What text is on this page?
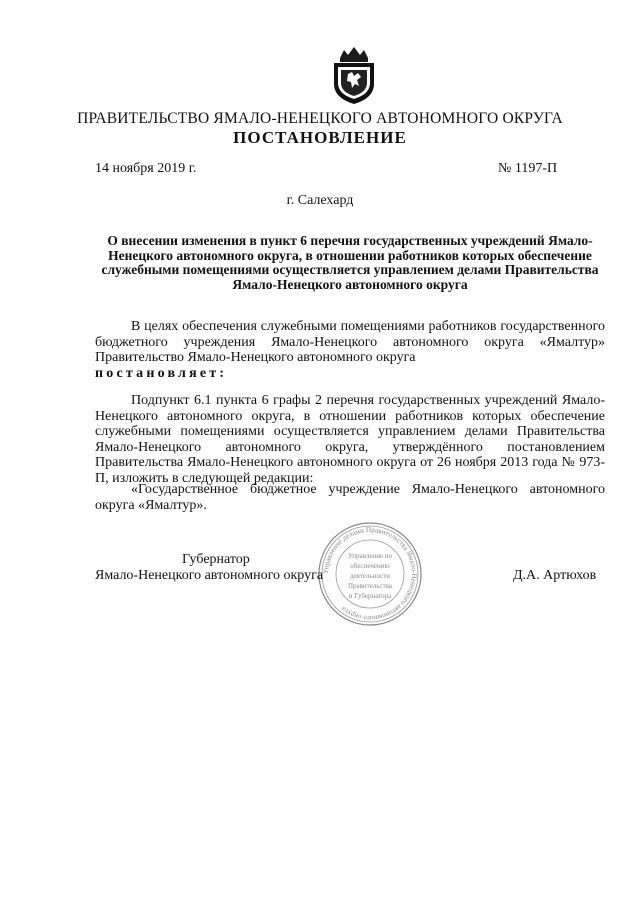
ПРАВИТЕЛЬСТВО ЯМАЛО-НЕНЕЦКОГО АВТОНОМНОГО ОКРУГА
ПОСТАНОВЛЕНИЕ
14 ноября 2019 г.	№ 1197-П
г. Салехард
О внесении изменения в пункт 6 перечня государственных учреждений Ямало-Ненецкого автономного округа, в отношении работников которых обеспечение служебными помещениями осуществляется управлением делами Правительства Ямало-Ненецкого автономного округа
В целях обеспечения служебными помещениями работников государственного бюджетного учреждения Ямало-Ненецкого автономного округа «Ямалтур» Правительство Ямало-Ненецкого автономного округа
постановляет:
Подпункт 6.1 пункта 6 графы 2 перечня государственных учреждений Ямало-Ненецкого автономного округа, в отношении работников которых обеспечение служебными помещениями осуществляется управлением делами Правительства Ямало-Ненецкого автономного округа, утверждённого постановлением Правительства Ямало-Ненецкого автономного округа от 26 ноября 2013 года № 973-П, изложить в следующей редакции:
«Государственное бюджетное учреждение Ямало-Ненецкого автономного округа «Ямалтур».
Управление делами Правительства Ямало-Ненецкого автономного округа
Управление по
обеспечению
деятельности
Правительства
и Губернатора
Губернатор
Ямало-Ненецкого автономного округа	Д.А. Артюхов
